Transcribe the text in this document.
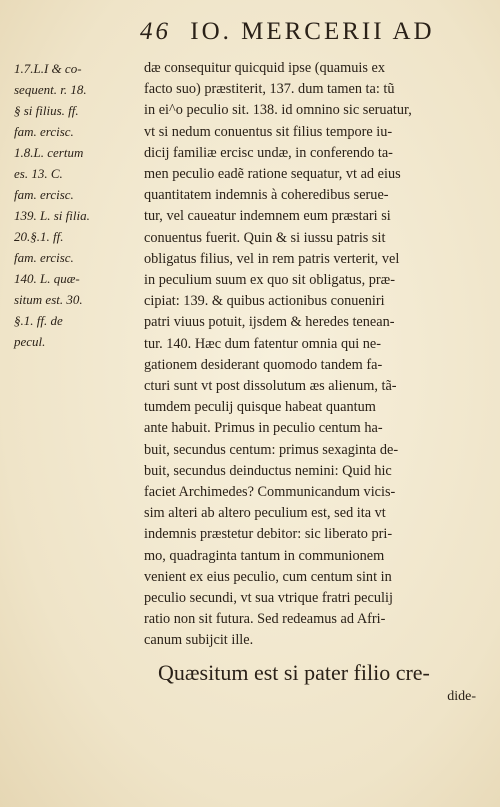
46 IO. MERCERII AD
1.7.L.I & co-
sequent. r. 18.
§ si filius. ff.
fam. ercisc.
1.8.L. certum
es. 13. C.
fam. ercisc.
139. L. si filia.
20.§.1. ff.
fam. ercisc.
140. L. quæ-
situm est. 30.
§.1. ff. de
pecul.
dæ consequitur quicquid ipse (quamuis ex
facto suo) præstiterit, 137. dum tamen ta: tũ
in ei^o peculio sit. 138. id omnino sic seruatur,
vt si nedum conuentus sit filius tempore iu-
dicij familiæ ercisc undæ, in conferendo ta-
men peculio eadẽ ratione sequatur, vt ad eius
quantitatem indemnis à coheredibus serue-
tur, vel caueatur indemnem eum præstari si
conuentus fuerit. Quin & si iussu patris sit
obligatus filius, vel in rem patris verterit, vel
in peculium suum ex quo sit obligatus, præ-
cipiat: 139. & quibus actionibus conueniri
patri viuus potuit, ijsdem & heredes tenean-
tur. 140. Hæc dum fatentur omnia qui ne-
gationem desiderant quomodo tandem fa-
cturi sunt vt post dissolutum æs alienum, tã-
tumdem peculij quisque habeat quantum
ante habuit. Primus in peculio centum ha-
buit, secundus centum: primus sexaginta de-
buit, secundus deinductus nemini: Quid hic
faciet Archimedes? Communicandum vicis-
sim alteri ab altero peculium est, sed ita vt
indemnis præstetur debitor: sic liberato pri-
mo, quadraginta tantum in communionem
venient ex eius peculio, cum centum sint in
peculio secundi, vt sua vtrique fratri peculij
ratio non sit futura. Sed redeamus ad Afri-
canum subijcit ille.
Quæsitum est si pater filio cre-
dide-
